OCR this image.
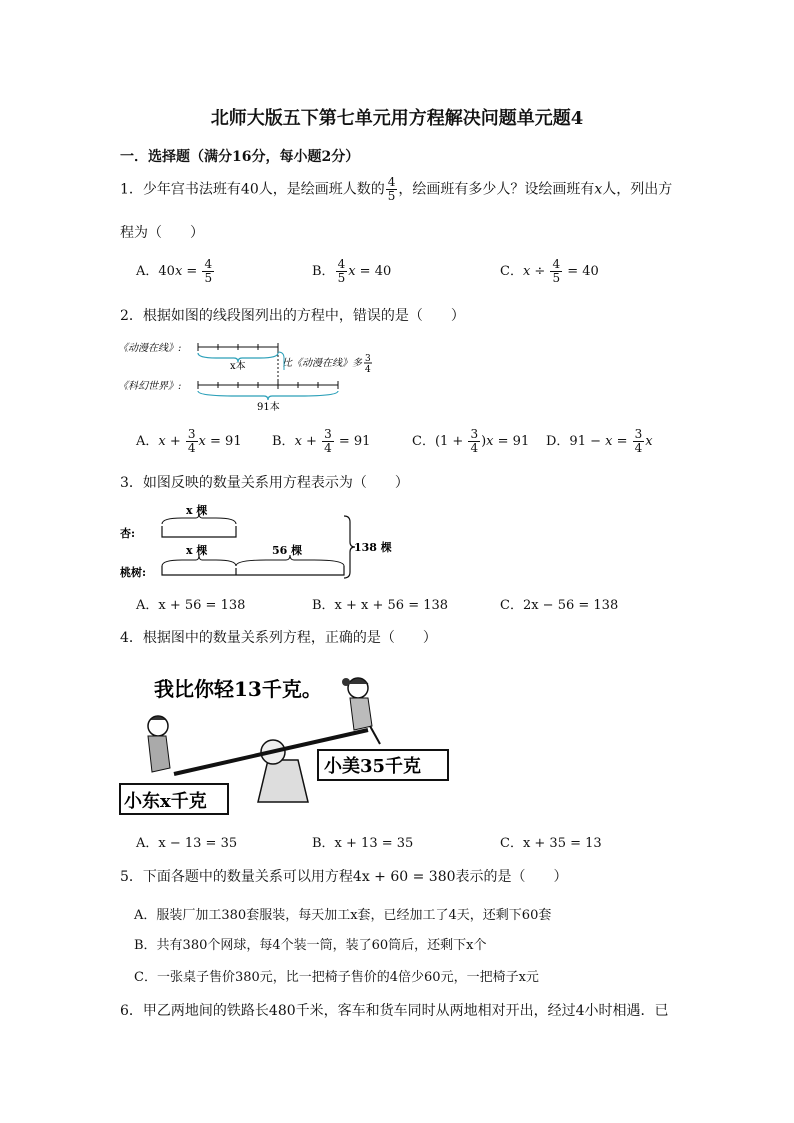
北师大版五下第七单元用方程解决问题单元题4
一．选择题（满分16分，每小题2分）
1．少年宫书法班有40人，是绘画班人数的 $\frac{4}{5}$ ，绘画班有多少人？设绘画班有x人，列出方
程为（　　）
A．$40x = \frac{4}{5}$	B． $\frac{4}{5}$ x = 40	C．$x \div \frac{4}{5} = 40$
2．根据如图的线段图列出的方程中，错误的是（　　）
《动漫在线》:
x本	比《动漫在线》多 3
4
《科幻世界》:
91本
A．$x + \frac{3}{4}$ x = 91 B．$x + \frac{3}{4} = 91$	C．$(1 + \frac{3}{4} )x = 91$ D．$91 - x = \frac{3}{4}$ x
3．如图反映的数量关系用方程表示为（　　）
杏:
x 棵
桃树:
x 棵	56 棵	138 棵
A．x + 56 = 138	B．x + x + 56 = 138	C．2x − 56 = 138
4．根据图中的数量关系列方程，正确的是（　　）
我比你轻13千克。
小美35千克
小东x千克
A．x − 13 = 35	B．x + 13 = 35	C．x + 35 = 13
5．下面各题中的数量关系可以用方程4x + 60 = 380表示的是（　　）
A．服装厂加工380套服装，每天加工x套，已经加工了4天，还剩下60套
B．共有380个网球，每4个装一筒，装了60筒后，还剩下x个
C．一张桌子售价380元，比一把椅子售价的4倍少60元，一把椅子x元
6．甲乙两地间的铁路长480千米，客车和货车同时从两地相对开出，经过4小时相遇．已
